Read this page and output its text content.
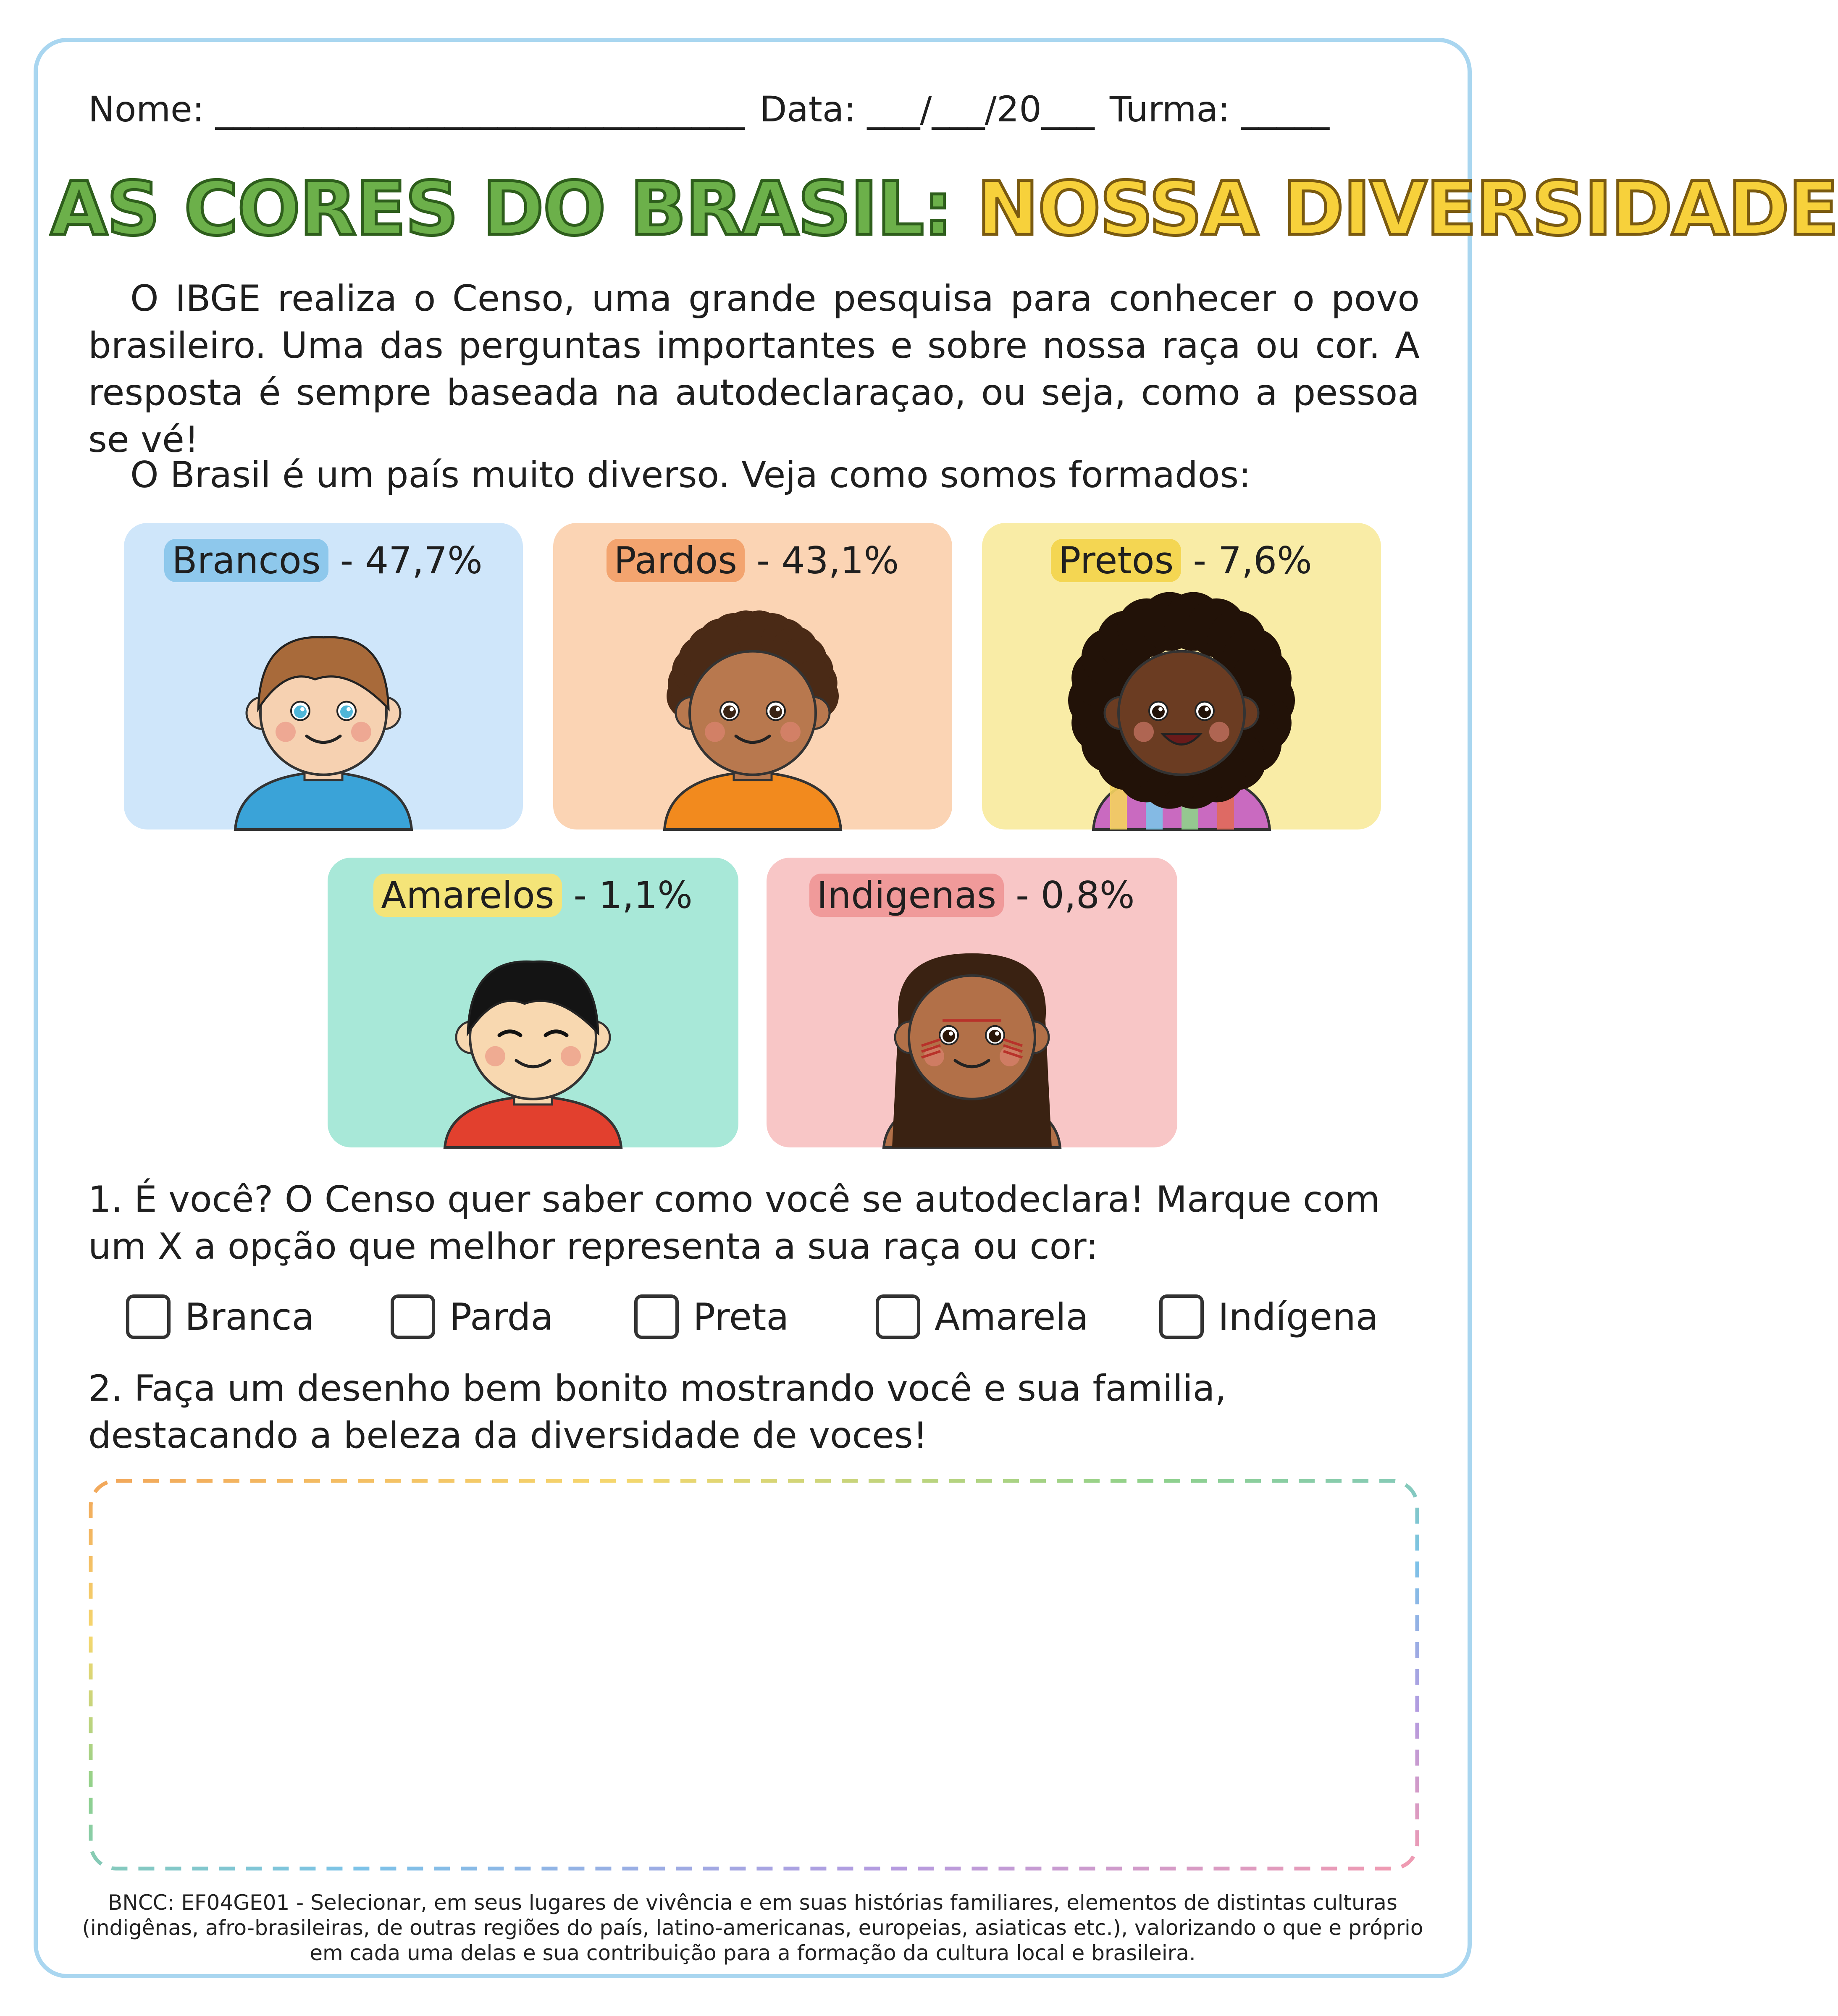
Nome: ______________________________ Data: ___/___/20___ Turma: _____
AS CORES DO BRASIL: NOSSA DIVERSIDADE
O IBGE realiza o Censo, uma grande pesquisa para conhecer o povo brasileiro. Uma das perguntas importantes e sobre nossa raça ou cor. A resposta é sempre baseada na autodeclaraçao, ou seja, como a pessoa se vé!
O Brasil é um país muito diverso. Veja como somos formados:
Brancos - 47,7%	Pardos - 43,1%	Pretos - 7,6%
Amarelos - 1,1%	Indigenas - 0,8%
1. É você? O Censo quer saber como você se autodeclara! Marque com um X a opção que melhor representa a sua raça ou cor:
Branca	Parda	Preta	Amarela	Indígena
2. Faça um desenho bem bonito mostrando você e sua familia, destacando a beleza da diversidade de voces!
BNCC: EF04GE01 - Selecionar, em seus lugares de vivência e em suas histórias familiares, elementos de distintas culturas (indigênas, afro-brasileiras, de outras regiões do país, latino-americanas, europeias, asiaticas etc.), valorizando o que e próprio em cada uma delas e sua contribuição para a formação da cultura local e brasileira.
